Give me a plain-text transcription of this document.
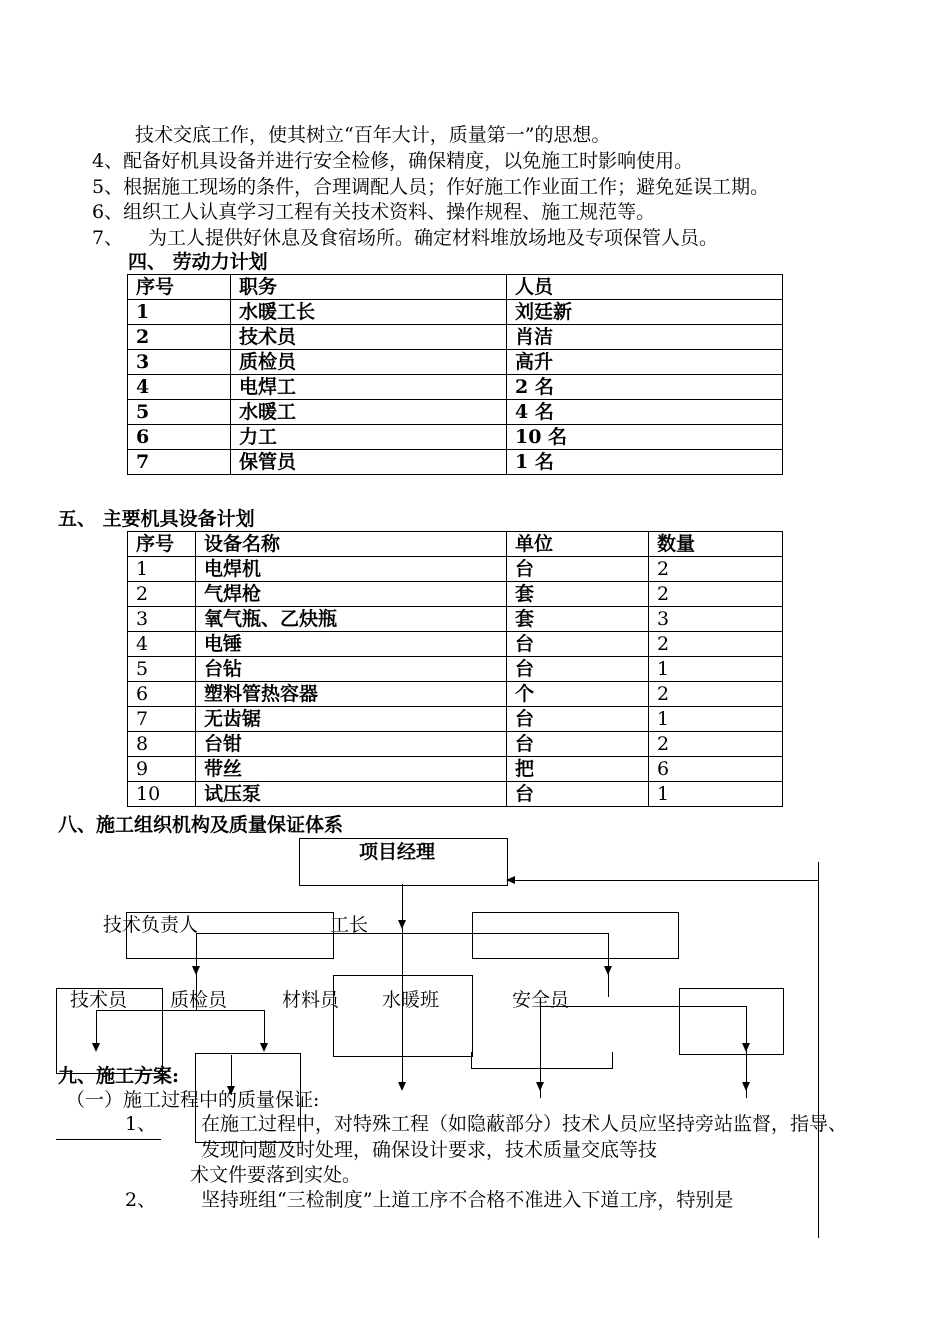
技术交底工作，使其树立“百年大计，质量第一”的思想。
4、配备好机具设备并进行安全检修，确保精度，以免施工时影响使用。
5、根据施工现场的条件，合理调配人员；作好施工作业面工作；避免延误工期。
6、组织工人认真学习工程有关技术资料、操作规程、施工规范等。
7、 为工人提供好休息及食宿场所。确定材料堆放场地及专项保管人员。
四、 劳动力计划
序号	职务	人员
1	水暖工长	刘廷新
2	技术员	肖洁
3	质检员	高升
4	电焊工	2 名
5	水暖工	4 名
6	力工	10 名
7	保管员	1 名
五、 主要机具设备计划
序号	设备名称	单位	数量
1	电焊机	台	2
2	气焊枪	套	2
3	氧气瓶、乙炔瓶	套	3
4	电锤	台	2
5	台钻	台	1
6	塑料管热容器	个	2
7	无齿锯	台	1
8	台钳	台	2
9	带丝	把	6
10	试压泵	台	1
八、施工组织机构及质量保证体系
项目经理
技术负责人	工长
技术员 质检员	材料员 水暖班	安全员
九、施工方案:
（一）施工过程中的质量保证:
1、 在施工过程中，对特殊工程（如隐蔽部分）技术人员应坚持旁站监督，指导、
发现问题及时处理，确保设计要求，技术质量交底等技
术文件要落到实处。
2、 坚持班组“三检制度”上道工序不合格不准进入下道工序，特别是
